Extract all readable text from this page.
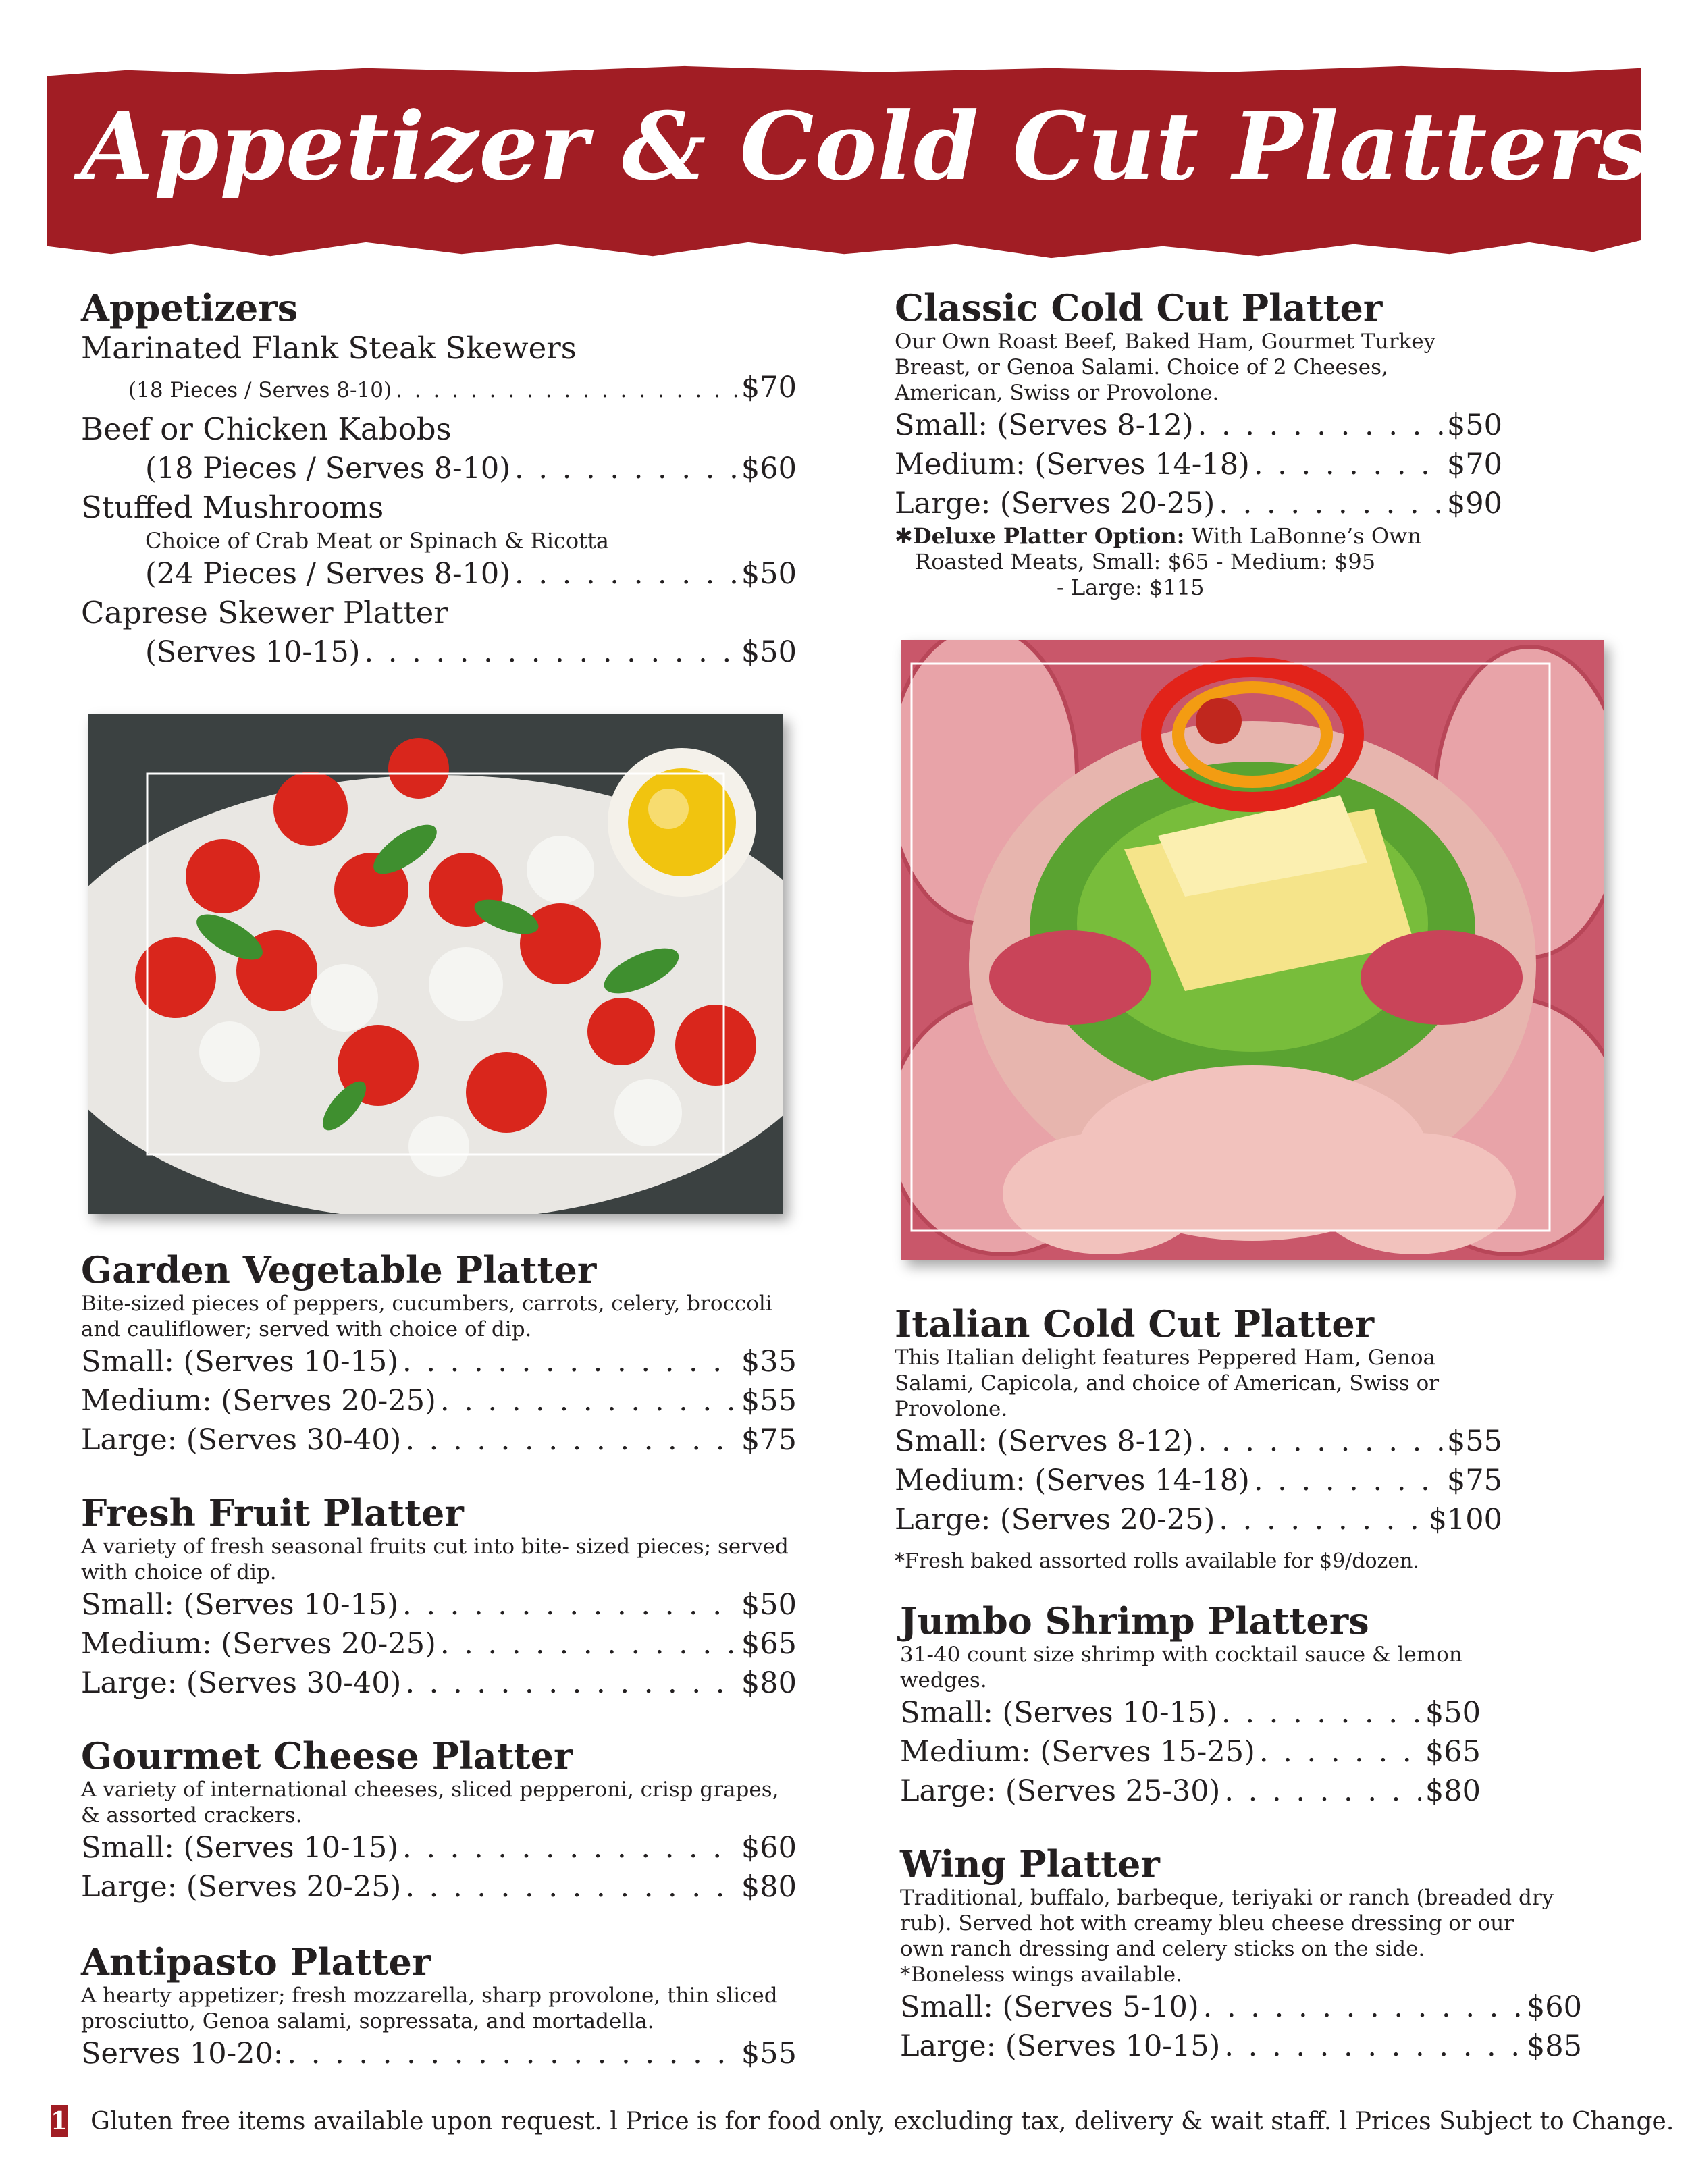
Appetizer & Cold Cut Platters
Appetizers
Marinated Flank Steak Skewers
(18 Pieces / Serves 8-10) . . .	$70
Beef or Chicken Kabobs
(18 Pieces / Serves 8-10) . . .	$60
Stuffed Mushrooms
Choice of Crab Meat or Spinach & Ricotta
(24 Pieces / Serves 8-10) . . .	$50
Caprese Skewer Platter
(Serves 10-15) . . .	$50
Garden Vegetable Platter
Bite-sized pieces of peppers, cucumbers, carrots, celery, broccoli and cauliflower; served with choice of dip.
Small: (Serves 10-15) . . .	$35
Medium: (Serves 20-25) . . .	$55
Large: (Serves 30-40) . . .	$75
Fresh Fruit Platter
A variety of fresh seasonal fruits cut into bite- sized pieces; served with choice of dip.
Small: (Serves 10-15) . . .	$50
Medium: (Serves 20-25) . . .	$65
Large: (Serves 30-40) . . .	$80
Gourmet Cheese Platter
A variety of international cheeses, sliced pepperoni, crisp grapes, & assorted crackers.
Small: (Serves 10-15) . . .	$60
Large: (Serves 20-25) . . .	$80
Antipasto Platter
A hearty appetizer; fresh mozzarella, sharp provolone, thin sliced prosciutto, Genoa salami, sopressata, and mortadella.
Serves 10-20: . . .	$55
Classic Cold Cut Platter
Our Own Roast Beef, Baked Ham, Gourmet Turkey Breast, or Genoa Salami. Choice of 2 Cheeses, American, Swiss or Provolone.
Small: (Serves 8-12) . . .	$50
Medium: (Serves 14-18) . . .	$70
Large: (Serves 20-25) . . .	$90
✱Deluxe Platter Option: With LaBonne’s Own
Roasted Meats, Small: $65 - Medium: $95
- Large: $115
Italian Cold Cut Platter
This Italian delight features Peppered Ham, Genoa Salami, Capicola, and choice of American, Swiss or Provolone.
Small: (Serves 8-12) . . .	$55
Medium: (Serves 14-18) . . .	$75
Large: (Serves 20-25) . . .	$100
*Fresh baked assorted rolls available for $9/dozen.
Jumbo Shrimp Platters
31-40 count size shrimp with cocktail sauce & lemon wedges.
Small: (Serves 10-15) . . .	$50
Medium: (Serves 15-25) . . .	$65
Large: (Serves 25-30) . . .	$80
Wing Platter
Traditional, buffalo, barbeque, teriyaki or ranch (breaded dry rub). Served hot with creamy bleu cheese dressing or our own ranch dressing and celery sticks on the side.
*Boneless wings available.
Small: (Serves 5-10) . . .	$60
Large: (Serves 10-15) . . .	$85
1 Gluten free items available upon request. l Price is for food only, excluding tax, delivery & wait staff. l Prices Subject to Change.
